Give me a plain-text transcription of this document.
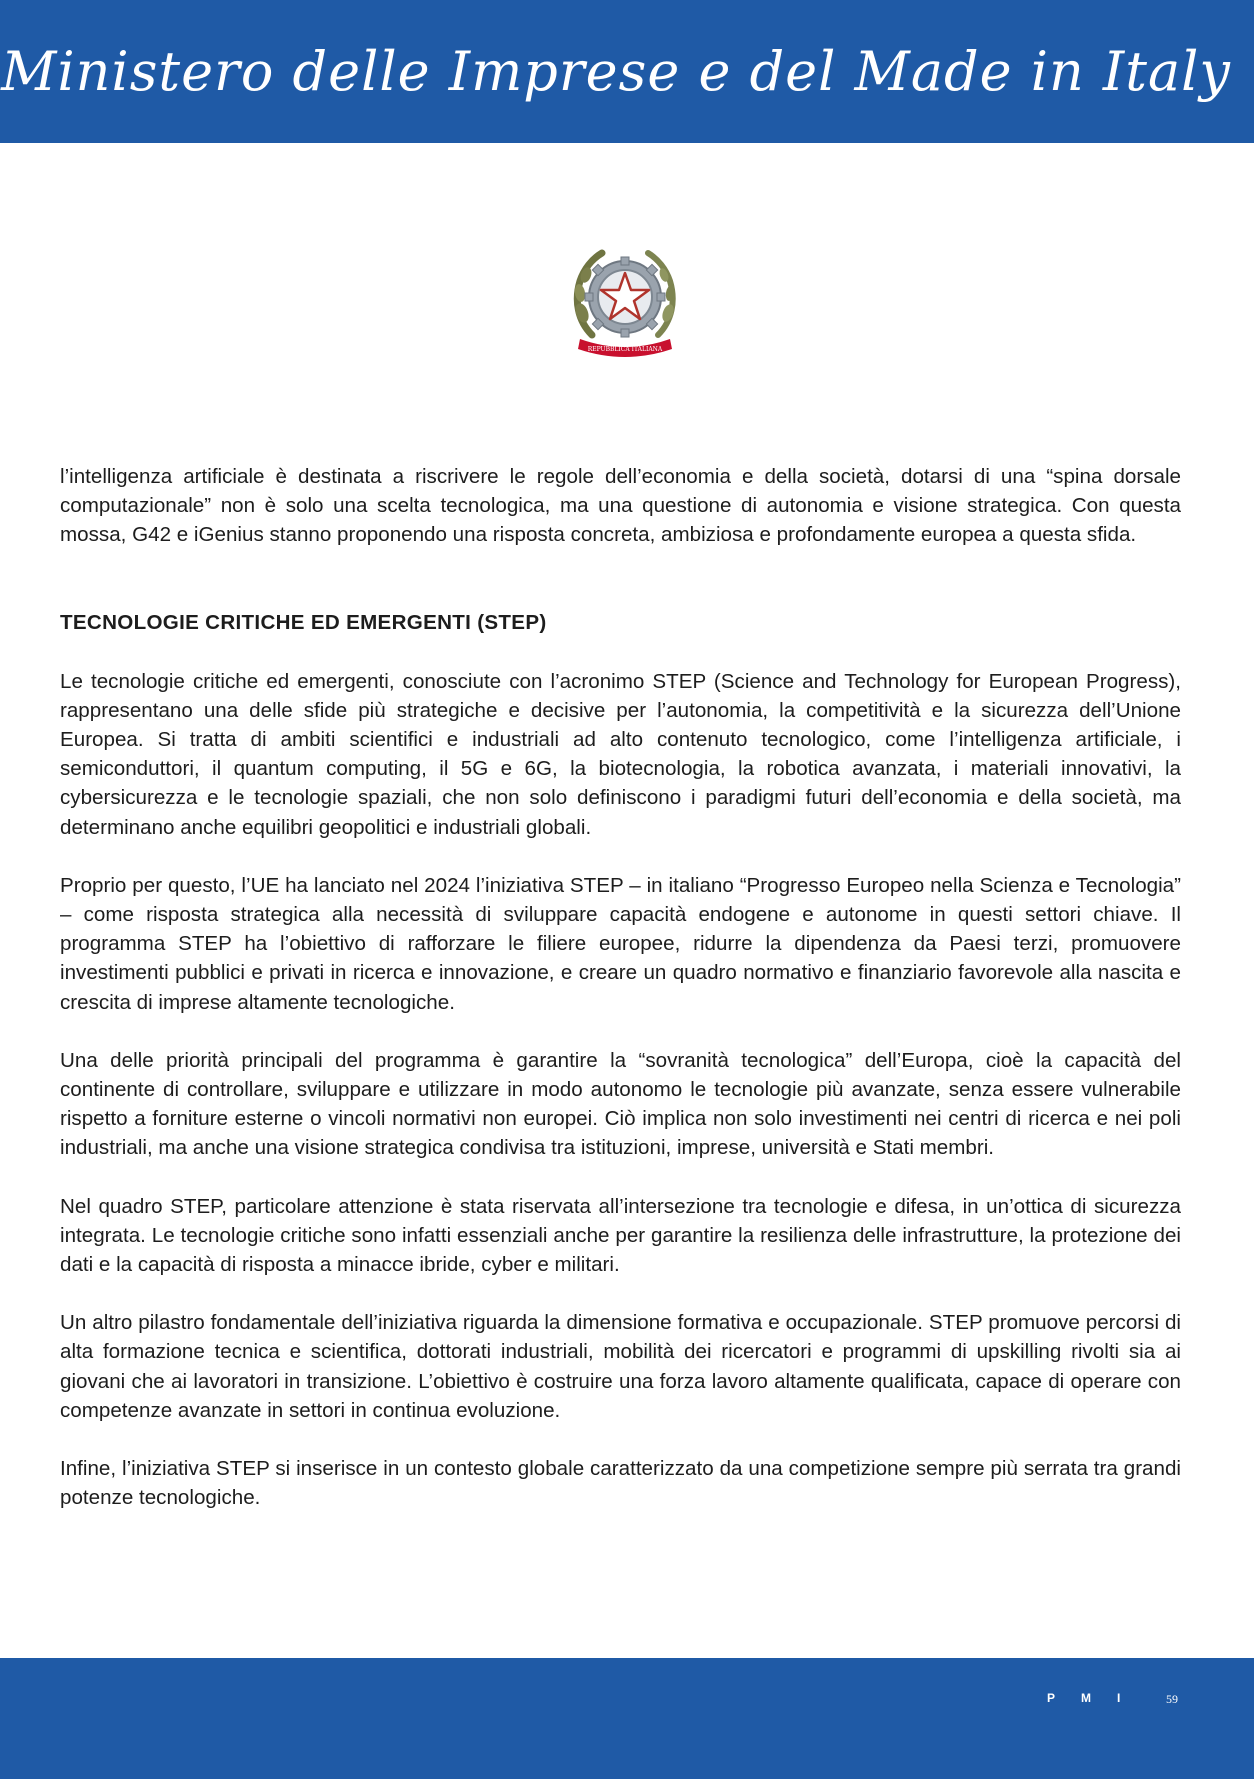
Ministero delle Imprese e del Made in Italy
REPUBBLICA ITALIANA

l’intelligenza artificiale è destinata a riscrivere le regole dell’economia e della società, dotarsi di una “spina dorsale computazionale” non è solo una scelta tecnologica, ma una questione di autonomia e visione strategica. Con questa mossa, G42 e iGenius stanno proponendo una risposta concreta, ambiziosa e profondamente europea a questa sfida.

TECNOLOGIE CRITICHE ED EMERGENTI (STEP)

Le tecnologie critiche ed emergenti, conosciute con l’acronimo STEP (Science and Technology for European Progress), rappresentano una delle sfide più strategiche e decisive per l’autonomia, la competitività e la sicurezza dell’Unione Europea. Si tratta di ambiti scientifici e industriali ad alto contenuto tecnologico, come l’intelligenza artificiale, i semiconduttori, il quantum computing, il 5G e 6G, la biotecnologia, la robotica avanzata, i materiali innovativi, la cybersicurezza e le tecnologie spaziali, che non solo definiscono i paradigmi futuri dell’economia e della società, ma determinano anche equilibri geopolitici e industriali globali.

Proprio per questo, l’UE ha lanciato nel 2024 l’iniziativa STEP – in italiano “Progresso Europeo nella Scienza e Tecnologia” – come risposta strategica alla necessità di sviluppare capacità endogene e autonome in questi settori chiave. Il programma STEP ha l’obiettivo di rafforzare le filiere europee, ridurre la dipendenza da Paesi terzi, promuovere investimenti pubblici e privati in ricerca e innovazione, e creare un quadro normativo e finanziario favorevole alla nascita e crescita di imprese altamente tecnologiche.

Una delle priorità principali del programma è garantire la “sovranità tecnologica” dell’Europa, cioè la capacità del continente di controllare, sviluppare e utilizzare in modo autonomo le tecnologie più avanzate, senza essere vulnerabile rispetto a forniture esterne o vincoli normativi non europei. Ciò implica non solo investimenti nei centri di ricerca e nei poli industriali, ma anche una visione strategica condivisa tra istituzioni, imprese, università e Stati membri.

Nel quadro STEP, particolare attenzione è stata riservata all’intersezione tra tecnologie e difesa, in un’ottica di sicurezza integrata. Le tecnologie critiche sono infatti essenziali anche per garantire la resilienza delle infrastrutture, la protezione dei dati e la capacità di risposta a minacce ibride, cyber e militari.

Un altro pilastro fondamentale dell’iniziativa riguarda la dimensione formativa e occupazionale. STEP promuove percorsi di alta formazione tecnica e scientifica, dottorati industriali, mobilità dei ricercatori e programmi di upskilling rivolti sia ai giovani che ai lavoratori in transizione. L’obiettivo è costruire una forza lavoro altamente qualificata, capace di operare con competenze avanzate in settori in continua evoluzione.

Infine, l’iniziativa STEP si inserisce in un contesto globale caratterizzato da una competizione sempre più serrata tra grandi potenze tecnologiche.

PMI 59
